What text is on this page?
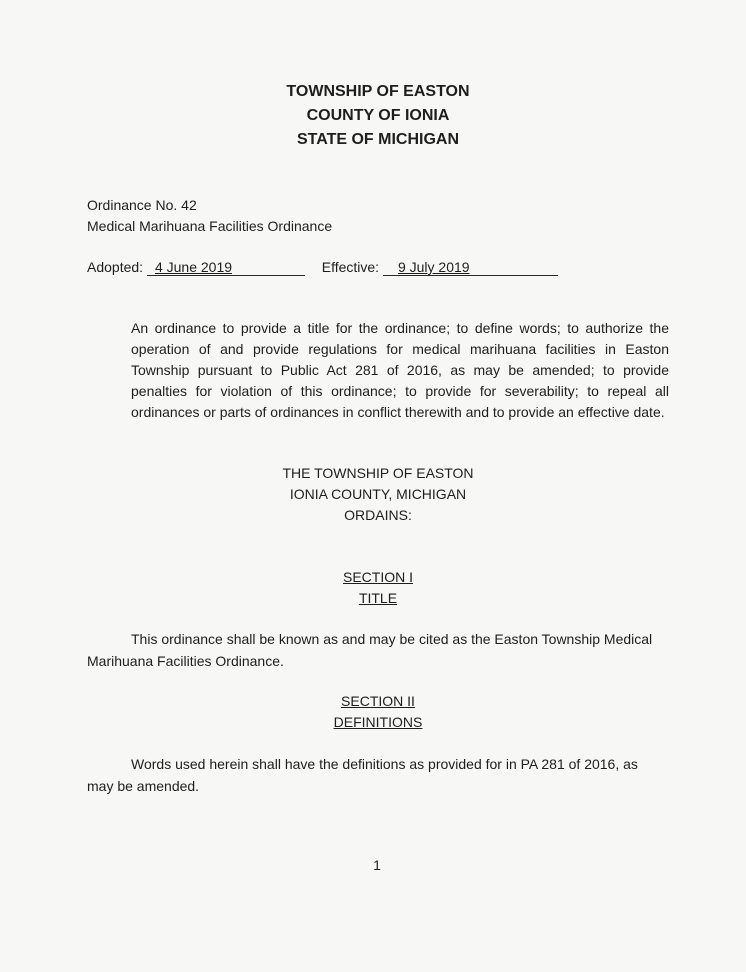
TOWNSHIP OF EASTON
COUNTY OF IONIA
STATE OF MICHIGAN
Ordinance No. 42
Medical Marihuana Facilities Ordinance
Adopted: 4 June 2019	Effective: 9 July 2019
An ordinance to provide a title for the ordinance; to define words; to authorize the operation of and provide regulations for medical marihuana facilities in Easton Township pursuant to Public Act 281 of 2016, as may be amended; to provide penalties for violation of this ordinance; to provide for severability; to repeal all ordinances or parts of ordinances in conflict therewith and to provide an effective date.
THE TOWNSHIP OF EASTON
IONIA COUNTY, MICHIGAN
ORDAINS:
SECTION I
TITLE
This ordinance shall be known as and may be cited as the Easton Township Medical Marihuana Facilities Ordinance.
SECTION II
DEFINITIONS
Words used herein shall have the definitions as provided for in PA 281 of 2016, as may be amended.
1
